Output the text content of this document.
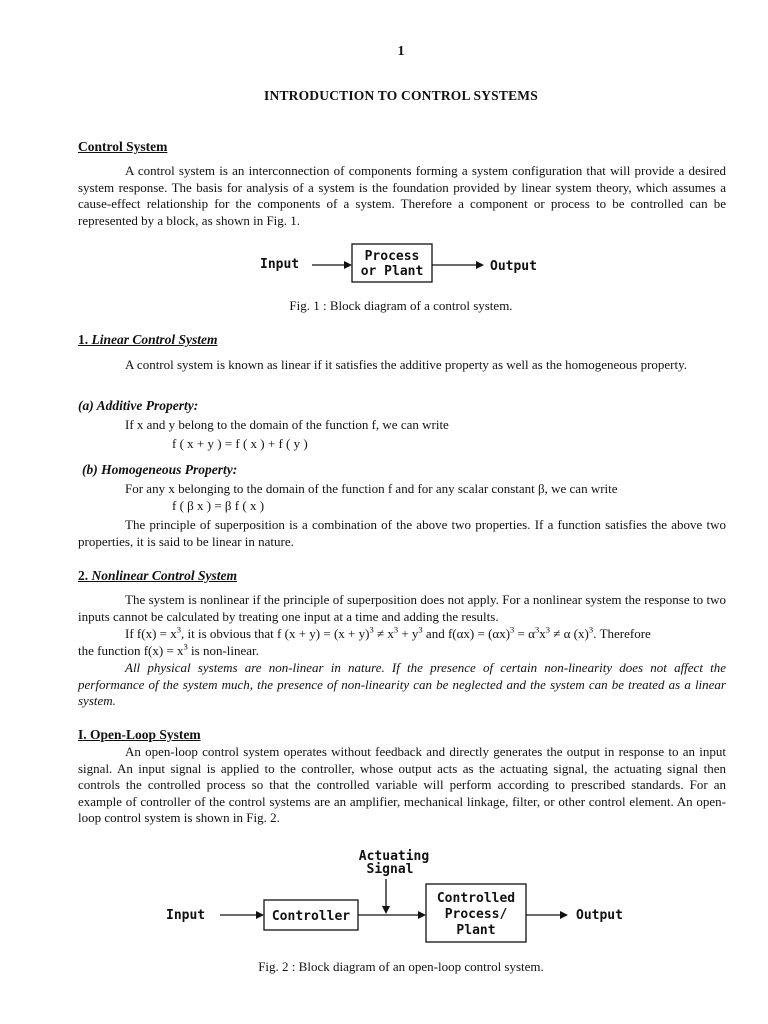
1
INTRODUCTION TO CONTROL SYSTEMS
Control System
A control system is an interconnection of components forming a system configuration that will provide a desired system response. The basis for analysis of a system is the foundation provided by linear system theory, which assumes a cause-effect relationship for the components of a system. Therefore a component or process to be controlled can be represented by a block, as shown in Fig. 1.
Input
Process
or Plant	Output
Fig. 1 : Block diagram of a control system.
1. Linear Control System
A control system is known as linear if it satisfies the additive property as well as the homogeneous property.
(a) Additive Property:
If x and y belong to the domain of the function f, we can write
f ( x + y ) = f ( x ) + f ( y )
(b) Homogeneous Property:
For any x belonging to the domain of the function f and for any scalar constant β, we can write
f ( β x ) = β f ( x )
The principle of superposition is a combination of the above two properties. If a function satisfies the above two properties, it is said to be linear in nature.
2. Nonlinear Control System
The system is nonlinear if the principle of superposition does not apply. For a nonlinear system the response to two inputs cannot be calculated by treating one input at a time and adding the results.
If $f(x) = x^3$, it is obvious that f $(x + y) = (x + y)^3 \ne x^3 + y^3$ and $f(\alpha x) = (\alpha x)^3 = \alpha^3x^3 \ne \alpha$ $(x)^3$. Therefore
the function $f(x) = x^3$ is non-linear.
All physical systems are non-linear in nature. If the presence of certain non-linearity does not affect the performance of the system much, the presence of non-linearity can be neglected and the system can be treated as a linear system.
I. Open-Loop System
An open-loop control system operates without feedback and directly generates the output in response to an input signal. An input signal is applied to the controller, whose output acts as the actuating signal, the actuating signal then controls the controlled process so that the controlled variable will perform according to prescribed standards. For an example of controller of the control systems are an amplifier, mechanical linkage, filter, or other control element. An open-loop control system is shown in Fig. 2.
Actuating
Signal
Input	Controller
Controlled
Process/
Plant
Output
Fig. 2 : Block diagram of an open-loop control system.
